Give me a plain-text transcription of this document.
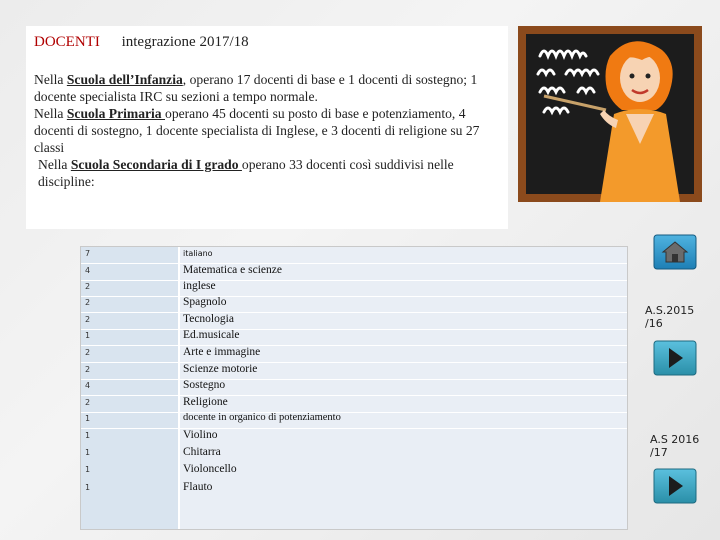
DOCENTI integrazione 2017/18

Nella Scuola dell’Infanzia, operano 17 docenti di base e 1 docenti di sostegno; 1 docente specialista IRC su sezioni a tempo normale.

Nella Scuola Primaria operano 45 docenti su posto di base e potenziamento, 4 docenti di sostegno, 1 docente specialista di Inglese, e 3 docenti di religione su 27 classi

Nella Scuola Secondaria di I grado operano 33 docenti così suddivisi nelle discipline:

7	italiano
4	Matematica e scienze
2	inglese
2	Spagnolo
2	Tecnologia
1	Ed.musicale
2	Arte e immagine
2	Scienze motorie
4	Sostegno
2	Religione
1	docente in organico di potenziamento
1	Violino
1	Chitarra
1	Violoncello
1	Flauto
A.S.2015
/16
A.S 2016
/17
